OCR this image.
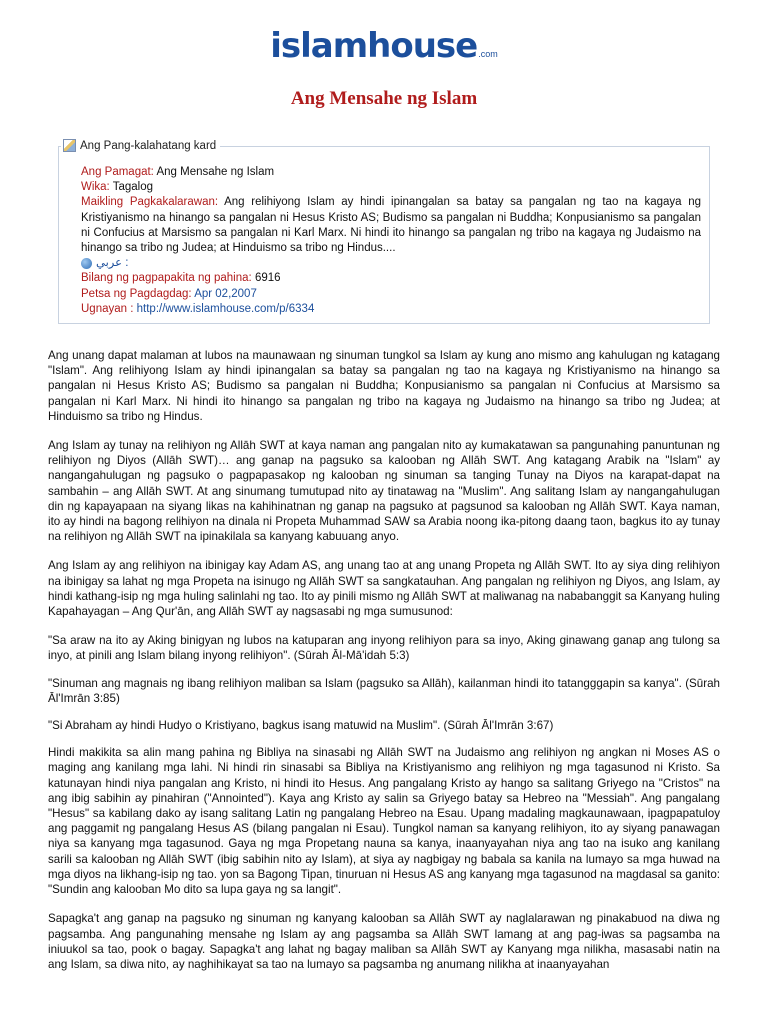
islamhouse.com
Ang Mensahe ng Islam
Ang Pang-kalahatang kard
Ang Pamagat: Ang Mensahe ng Islam
Wika: Tagalog
Maikling Pagkakalarawan: Ang relihiyong Islam ay hindi ipinangalan sa batay sa pangalan ng tao na kagaya ng Kristiyanismo na hinango sa pangalan ni Hesus Kristo AS; Budismo sa pangalan ni Buddha; Konpusianismo sa pangalan ni Confucius at Marsismo sa pangalan ni Karl Marx. Ni hindi ito hinango sa pangalan ng tribo na kagaya ng Judaismo na hinango sa tribo ng Judea; at Hinduismo sa tribo ng Hindus....
عربي :
Bilang ng pagpapakita ng pahina: 6916
Petsa ng Pagdagdag: Apr 02,2007
Ugnayan : http://www.islamhouse.com/p/6334

Ang unang dapat malaman at lubos na maunawaan ng sinuman tungkol sa Islam ay kung ano mismo ang kahulugan ng katagang "Islam". Ang relihiyong Islam ay hindi ipinangalan sa batay sa pangalan ng tao na kagaya ng Kristiyanismo na hinango sa pangalan ni Hesus Kristo AS; Budismo sa pangalan ni Buddha; Konpusianismo sa pangalan ni Confucius at Marsismo sa pangalan ni Karl Marx. Ni hindi ito hinango sa pangalan ng tribo na kagaya ng Judaismo na hinango sa tribo ng Judea; at Hinduismo sa tribo ng Hindus.

Ang Islam ay tunay na relihiyon ng Allāh SWT at kaya naman ang pangalan nito ay kumakatawan sa pangunahing panuntunan ng relihiyon ng Diyos (Allāh SWT)… ang ganap na pagsuko sa kalooban ng Allāh SWT. Ang katagang Arabik na "Islam" ay nangangahulugan ng pagsuko o pagpapasakop ng kalooban ng sinuman sa tanging Tunay na Diyos na karapat-dapat na sambahin – ang Allāh SWT. At ang sinumang tumutupad nito ay tinatawag na "Muslim". Ang salitang Islam ay nangangahulugan din ng kapayapaan na siyang likas na kahihinatnan ng ganap na pagsuko at pagsunod sa kalooban ng Allāh SWT. Kaya naman, ito ay hindi na bagong relihiyon na dinala ni Propeta Muhammad SAW sa Arabia noong ika-pitong daang taon, bagkus ito ay tunay na relihiyon ng Allāh SWT na ipinakilala sa kanyang kabuuang anyo.

Ang Islam ay ang relihiyon na ibinigay kay Adam AS, ang unang tao at ang unang Propeta ng Allāh SWT. Ito ay siya ding relihiyon na ibinigay sa lahat ng mga Propeta na isinugo ng Allāh SWT sa sangkatauhan. Ang pangalan ng relihiyon ng Diyos, ang Islam, ay hindi kathang-isip ng mga huling salinlahi ng tao. Ito ay pinili mismo ng Allāh SWT at maliwanag na nababanggit sa Kanyang huling Kapahayagan – Ang Qur'ān, ang Allāh SWT ay nagsasabi ng mga sumusunod:

"Sa araw na ito ay Aking binigyan ng lubos na katuparan ang inyong relihiyon para sa inyo, Aking ginawang ganap ang tulong sa inyo, at pinili ang Islam bilang inyong relihiyon". (Sūrah Āl-Mā'idah 5:3)

"Sinuman ang magnais ng ibang relihiyon maliban sa Islam (pagsuko sa Allāh), kailanman hindi ito tatangggapin sa kanya". (Sūrah Āl'Imrān 3:85)

"Si Abraham ay hindi Hudyo o Kristiyano, bagkus isang matuwid na Muslim". (Sūrah Āl'Imrān 3:67)

Hindi makikita sa alin mang pahina ng Bibliya na sinasabi ng Allāh SWT na Judaismo ang relihiyon ng angkan ni Moses AS o maging ang kanilang mga lahi. Ni hindi rin sinasabi sa Bibliya na Kristiyanismo ang relihiyon ng mga tagasunod ni Kristo. Sa katunayan hindi niya pangalan ang Kristo, ni hindi ito Hesus. Ang pangalang Kristo ay hango sa salitang Griyego na "Cristos" na ang ibig sabihin ay pinahiran ("Annointed"). Kaya ang Kristo ay salin sa Griyego batay sa Hebreo na "Messiah". Ang pangalang "Hesus" sa kabilang dako ay isang salitang Latin ng pangalang Hebreo na Esau. Upang madaling magkaunawaan, ipagpapatuloy ang paggamit ng pangalang Hesus AS (bilang pangalan ni Esau). Tungkol naman sa kanyang relihiyon, ito ay siyang panawagan niya sa kanyang mga tagasunod. Gaya ng mga Propetang nauna sa kanya, inaanyayahan niya ang tao na isuko ang kanilang sarili sa kalooban ng Allāh SWT (ibig sabihin nito ay Islam), at siya ay nagbigay ng babala sa kanila na lumayo sa mga huwad na mga diyos na likhang-isip ng tao. yon sa Bagong Tipan, tinuruan ni Hesus AS ang kanyang mga tagasunod na magdasal sa ganito: "Sundin ang kalooban Mo dito sa lupa gaya ng sa langit".

Sapagka't ang ganap na pagsuko ng sinuman ng kanyang kalooban sa Allāh SWT ay naglalarawan ng pinakabuod na diwa ng pagsamba. Ang pangunahing mensahe ng Islam ay ang pagsamba sa Allāh SWT lamang at ang pag-iwas sa pagsamba na iniuukol sa tao, pook o bagay. Sapagka't ang lahat ng bagay maliban sa Allāh SWT ay Kanyang mga nilikha, masasabi natin na ang Islam, sa diwa nito, ay naghihikayat sa tao na lumayo sa pagsamba ng anumang nilikha at inaanyayahan
